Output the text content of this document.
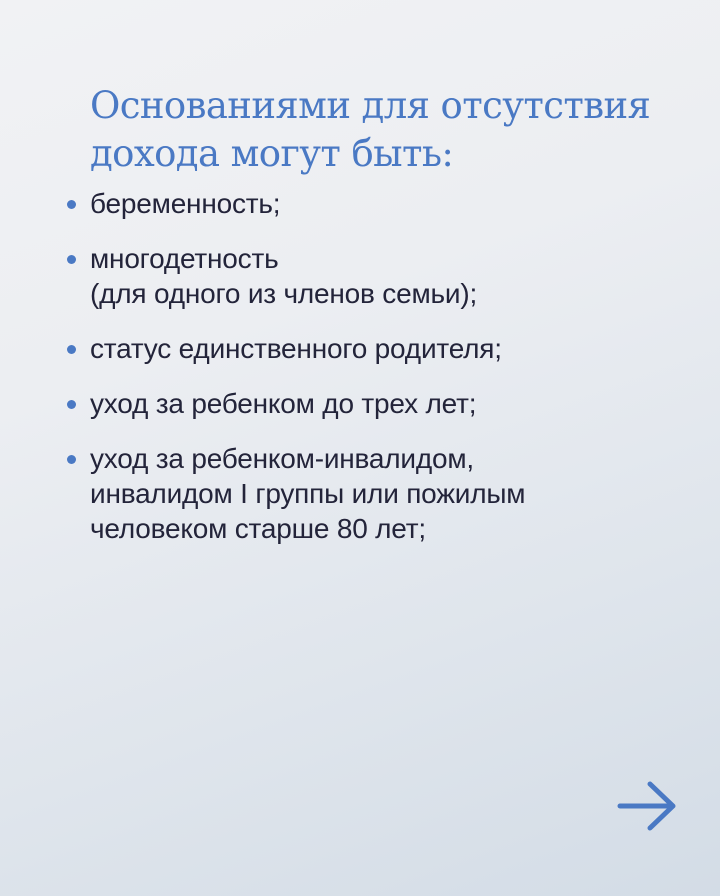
Основаниями для отсутствия
дохода могут быть:
беременность;
многодетность
(для одного из членов семьи);
статус единственного родителя;
уход за ребенком до трех лет;
уход за ребенком-инвалидом,
инвалидом I группы или пожилым
человеком старше 80 лет;
